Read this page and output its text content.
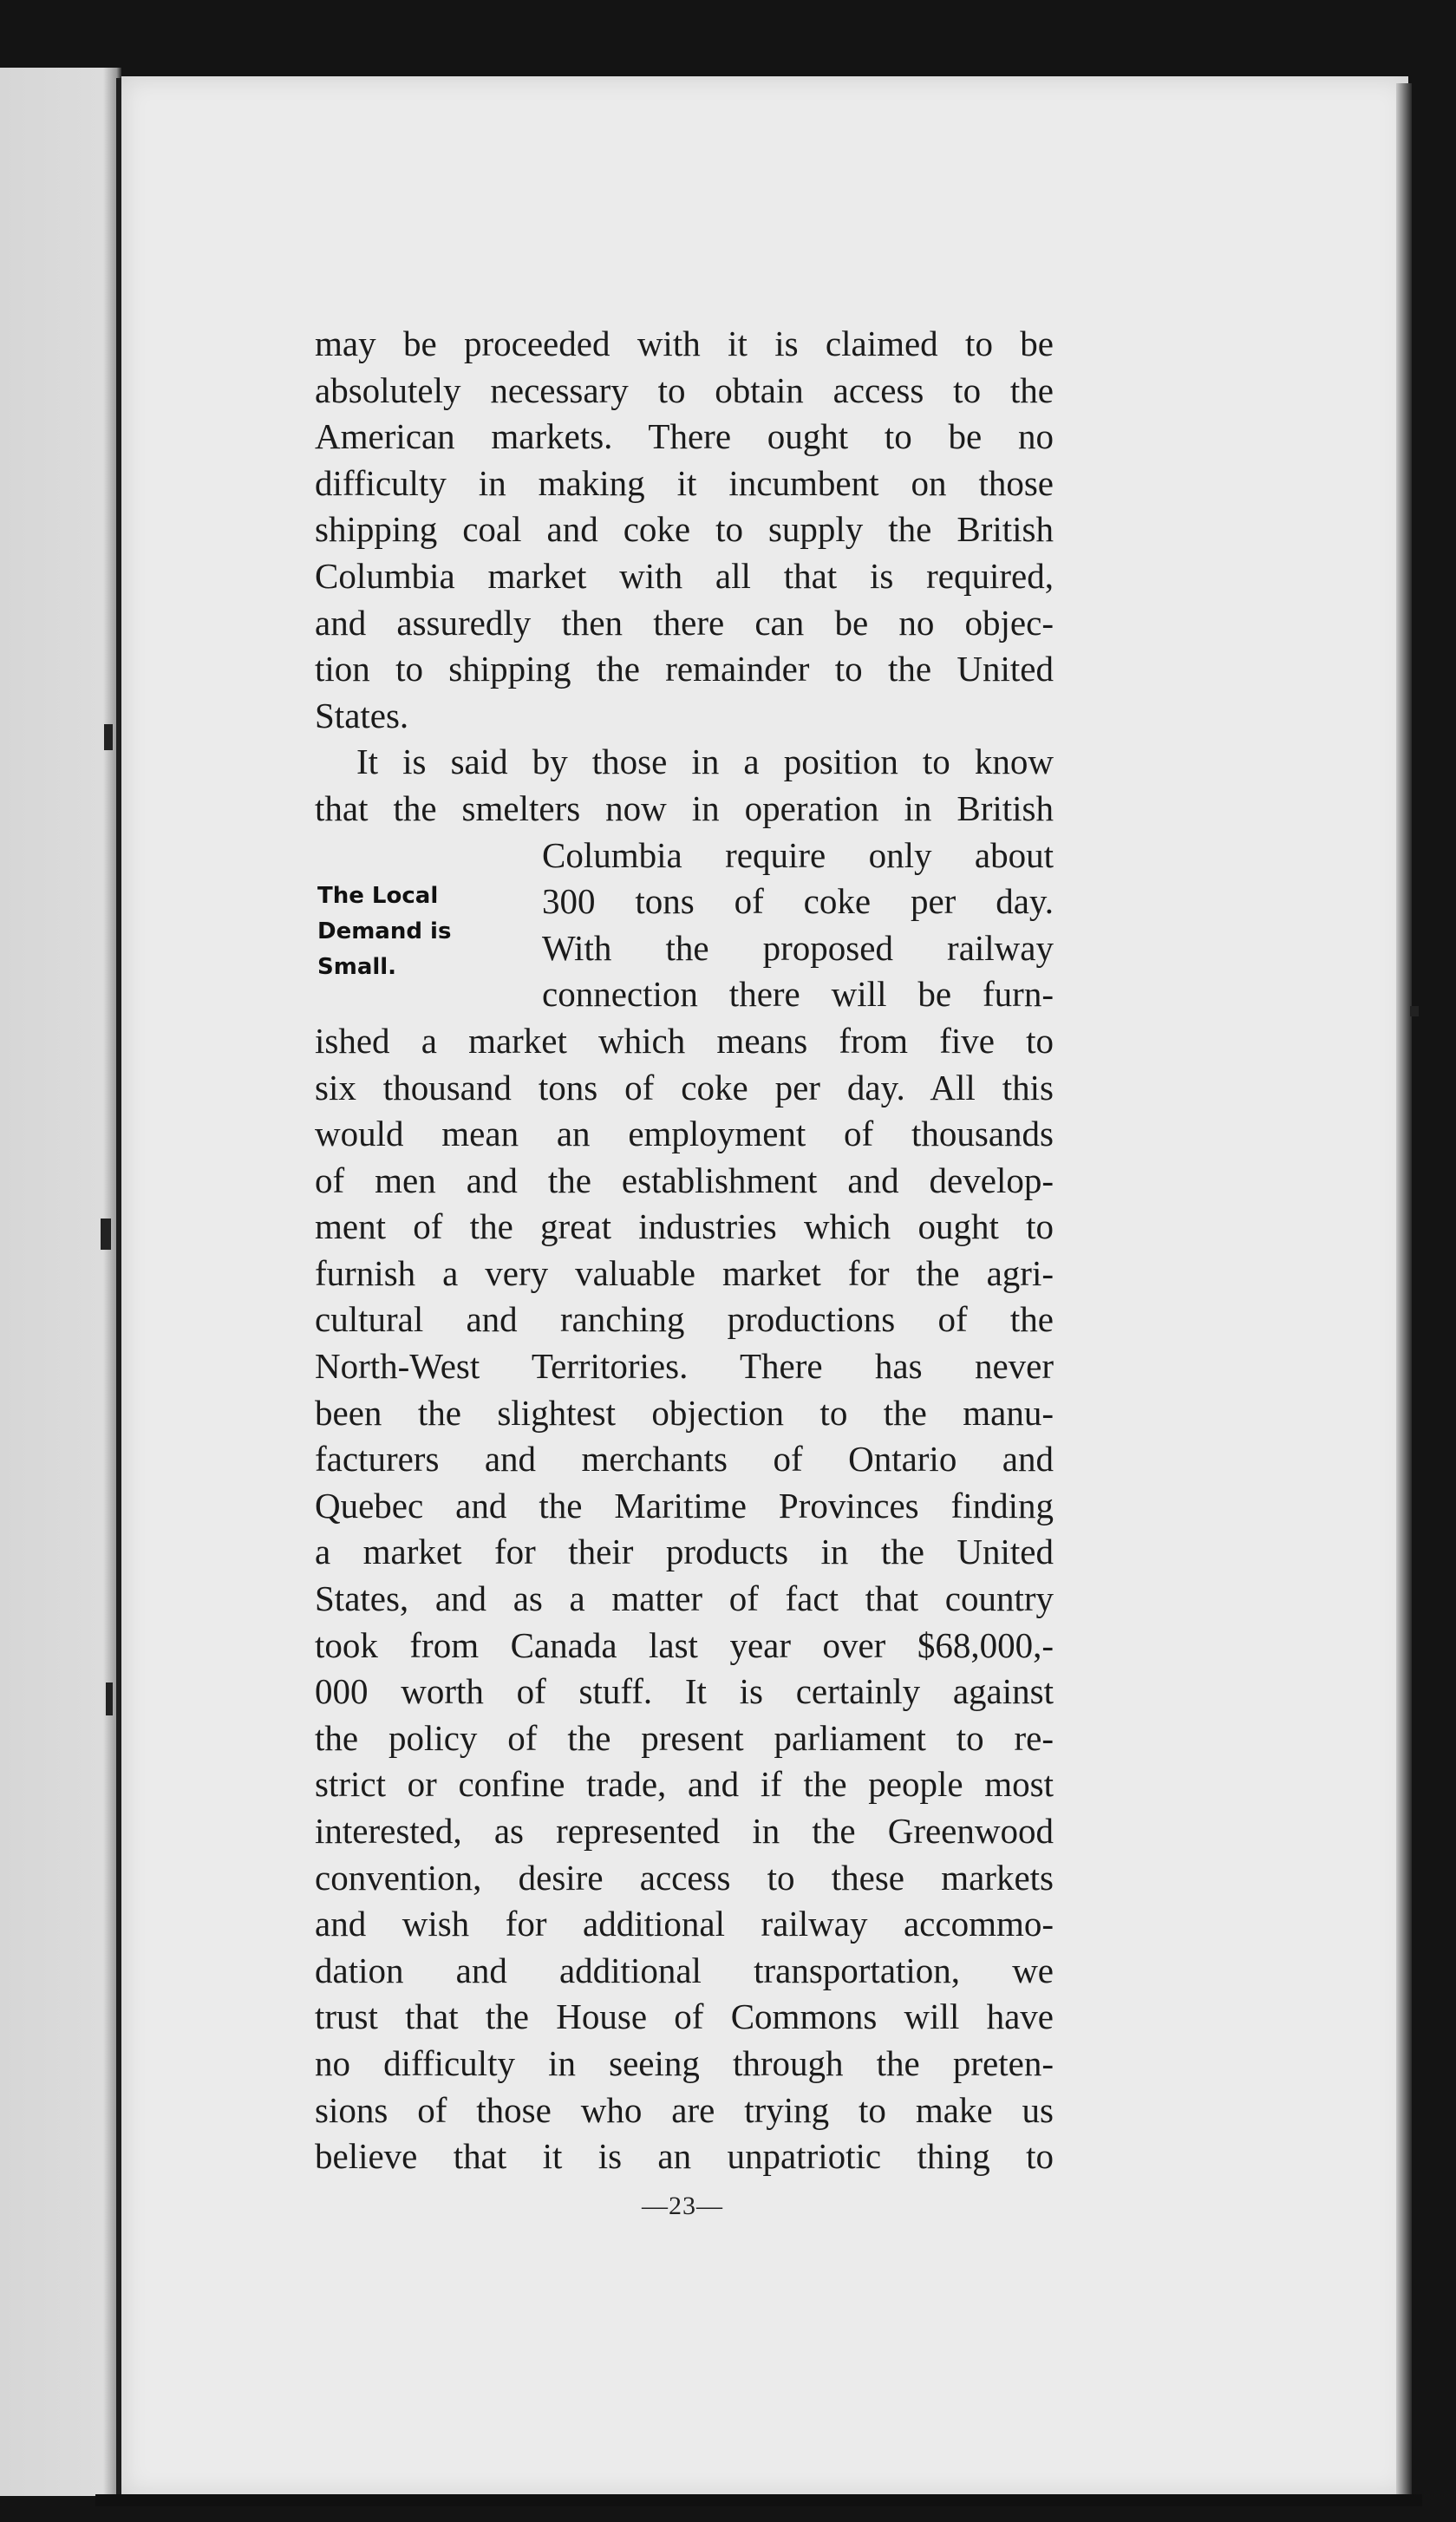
may be proceeded with it is claimed to be
absolutely necessary to obtain access to the
American markets. There ought to be no
difficulty in making it incumbent on those
shipping coal and coke to supply the British
Columbia market with all that is required,
and assuredly then there can be no objec-
tion to shipping the remainder to the United
States.
It is said by those in a position to know
that the smelters now in operation in British
Columbia require only about
300 tons of coke per day.
With the proposed railway
connection there will be furn-
ished a market which means from five to
six thousand tons of coke per day. All this
would mean an employment of thousands
of men and the establishment and develop-
ment of the great industries which ought to
furnish a very valuable market for the agri-
cultural and ranching productions of the
North-West Territories. There has never
been the slightest objection to the manu-
facturers and merchants of Ontario and
Quebec and the Maritime Provinces finding
a market for their products in the United
States, and as a matter of fact that country
took from Canada last year over $68,000,-
000 worth of stuff. It is certainly against
the policy of the present parliament to re-
strict or confine trade, and if the people most
interested, as represented in the Greenwood
convention, desire access to these markets
and wish for additional railway accommo-
dation and additional transportation, we
trust that the House of Commons will have
no difficulty in seeing through the preten-
sions of those who are trying to make us
believe that it is an unpatriotic thing to
The Local
Demand is
Small.
—23—
